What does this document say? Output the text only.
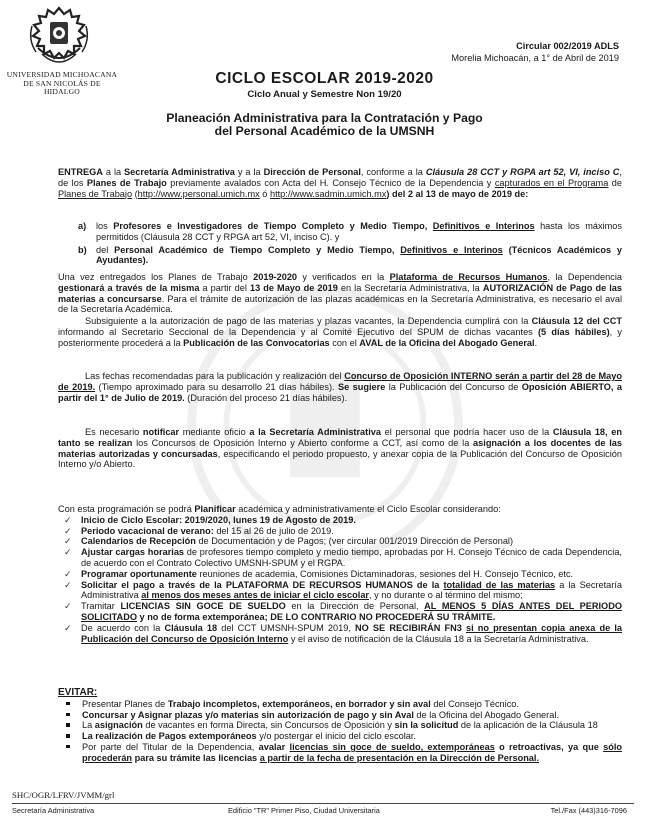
UNIVERSIDAD MICHOACANA
DE SAN NICOLÁS DE HIDALGO
Circular 002/2019 ADLS
Morelia Michoacán, a 1° de Abril de 2019
CICLO ESCOLAR 2019-2020
Ciclo Anual y Semestre Non 19/20
Planeación Administrativa para la Contratación y Pago
del Personal Académico de la UMSNH

ENTREGA a la Secretaría Administrativa y a la Dirección de Personal, conforme a la Cláusula 28 CCT y RGPA art 52, VI, inciso C, de los Planes de Trabajo previamente avalados con Acta del H. Consejo Técnico de la Dependencia y capturados en el Programa de Planes de Trabajo (http://www.personal.umich.mx ó http://www.sadmin.umich.mx) del 2 al 13 de mayo de 2019 de:

a) los Profesores e Investigadores de Tiempo Completo y Medio Tiempo, Definitivos e Interinos hasta los máximos permitidos (Cláusula 28 CCT y RPGA art 52, VI, inciso C). y
b) del Personal Académico de Tiempo Completo y Medio Tiempo, Definitivos e Interinos (Técnicos Académicos y Ayudantes).

Una vez entregados los Planes de Trabajo 2019-2020 y verificados en la Plataforma de Recursos Humanos, la Dependencia gestionará a través de la misma a partir del 13 de Mayo de 2019 en la Secretaría Administrativa, la AUTORIZACIÓN de Pago de las materias a concursarse. Para el trámite de autorización de las plazas académicas en la Secretaría Administrativa, es necesario el aval de la Secretaría Académica.

Subsiguiente a la autorización de pago de las materias y plazas vacantes, la Dependencia cumplirá con la Cláusula 12 del CCT informando al Secretario Seccional de la Dependencia y al Comité Ejecutivo del SPUM de dichas vacantes (5 días hábiles), y posteriormente procederá a la Publicación de las Convocatorias con el AVAL de la Oficina del Abogado General.

Las fechas recomendadas para la publicación y realización del Concurso de Oposición INTERNO serán a partir del 28 de Mayo de 2019. (Tiempo aproximado para su desarrollo 21 días hábiles). Se sugiere la Publicación del Concurso de Oposición ABIERTO, a partir del 1° de Julio de 2019. (Duración del proceso 21 días hábiles).

Es necesario notificar mediante oficio a la Secretaría Administrativa el personal que podría hacer uso de la Cláusula 18, en tanto se realizan los Concursos de Oposición Interno y Abierto conforme a CCT, así como de la asignación a los docentes de las materias autorizadas y concursadas, especificando el periodo propuesto, y anexar copia de la Publicación del Concurso de Oposición Interno y/o Abierto.

Con esta programación se podrá Planificar académica y administrativamente el Ciclo Escolar considerando:

✓ Inicio de Ciclo Escolar: 2019/2020, lunes 19 de Agosto de 2019.
✓ Periodo vacacional de verano: del 15 al 26 de julio de 2019.
✓ Calendarios de Recepción de Documentación y de Pagos; (ver circular 001/2019 Dirección de Personal)
✓ Ajustar cargas horarias de profesores tiempo completo y medio tiempo, aprobadas por H. Consejo Técnico de cada Dependencia, de acuerdo con el Contrato Colectivo UMSNH-SPUM y el RGPA.
✓ Programar oportunamente reuniones de academia, Comisiones Dictaminadoras, sesiones del H. Consejo Técnico, etc.
✓ Solicitar el pago a través de la PLATAFORMA DE RECURSOS HUMANOS de la totalidad de las materias a la Secretaría Administrativa al menos dos meses antes de iniciar el ciclo escolar, y no durante o al término del mismo;
✓ Tramitar LICENCIAS SIN GOCE DE SUELDO en la Dirección de Personal, AL MENOS 5 DÍAS ANTES DEL PERIODO SOLICITADO y no de forma extemporánea; DE LO CONTRARIO NO PROCEDERÁ SU TRÁMITE.
✓ De acuerdo con la Cláusula 18 del CCT UMSNH-SPUM 2019, NO SE RECIBIRÁN FN3 si no presentan copia anexa de la Publicación del Concurso de Oposición Interno y el aviso de notificación de la Cláusula 18 a la Secretaría Administrativa.
EVITAR:
Presentar Planes de Trabajo incompletos, extemporáneos, en borrador y sin aval del Consejo Técnico.
Concursar y Asignar plazas y/o materias sin autorización de pago y sin Aval de la Oficina del Abogado General.
La asignación de vacantes en forma Directa, sin Concursos de Oposición y sin la solicitud de la aplicación de la Cláusula 18
La realización de Pagos extemporáneos y/o postergar el inicio del ciclo escolar.
Por parte del Titular de la Dependencia, avalar licencias sin goce de sueldo, extemporáneas o retroactivas, ya que sólo procederán para su trámite las licencias a partir de la fecha de presentación en la Dirección de Personal.
SHC/OGR/LFRV/JVMM/grl
Secretaría Administrativa	Edificio "TR" Primer Piso, Ciudad Universitaria	Tel./Fax (443)316-7096
